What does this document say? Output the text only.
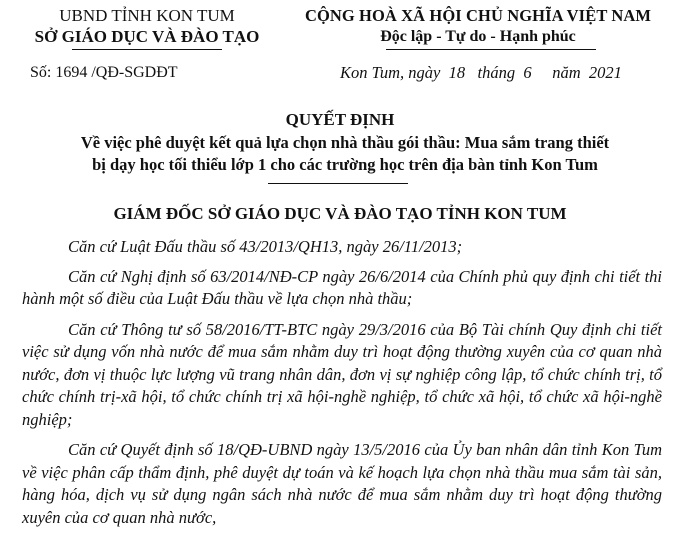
UBND TỈNH KON TUM
SỞ GIÁO DỤC VÀ ĐÀO TẠO
CỘNG HOÀ XÃ HỘI CHỦ NGHĨA VIỆT NAM
Độc lập - Tự do - Hạnh phúc
Số: 1694 /QĐ-SGDĐT	Kon Tum, ngày 18 tháng 6 năm 2021
QUYẾT ĐỊNH
Về việc phê duyệt kết quả lựa chọn nhà thầu gói thầu: Mua sắm trang thiết
bị dạy học tối thiểu lớp 1 cho các trường học trên địa bàn tỉnh Kon Tum
GIÁM ĐỐC SỞ GIÁO DỤC VÀ ĐÀO TẠO TỈNH KON TUM

Căn cứ Luật Đấu thầu số 43/2013/QH13, ngày 26/11/2013;

Căn cứ Nghị định số 63/2014/NĐ-CP ngày 26/6/2014 của Chính phủ quy định chi tiết thi hành một số điều của Luật Đấu thầu về lựa chọn nhà thầu;

Căn cứ Thông tư số 58/2016/TT-BTC ngày 29/3/2016 của Bộ Tài chính Quy định chi tiết việc sử dụng vốn nhà nước để mua sắm nhằm duy trì hoạt động thường xuyên của cơ quan nhà nước, đơn vị thuộc lực lượng vũ trang nhân dân, đơn vị sự nghiệp công lập, tổ chức chính trị, tổ chức chính trị-xã hội, tổ chức chính trị xã hội-nghề nghiệp, tổ chức xã hội, tổ chức xã hội-nghề nghiệp;

Căn cứ Quyết định số 18/QĐ-UBND ngày 13/5/2016 của Ủy ban nhân dân tỉnh Kon Tum về việc phân cấp thẩm định, phê duyệt dự toán và kế hoạch lựa chọn nhà thầu mua sắm tài sản, hàng hóa, dịch vụ sử dụng ngân sách nhà nước để mua sắm nhằm duy trì hoạt động thường xuyên của cơ quan nhà nước,
